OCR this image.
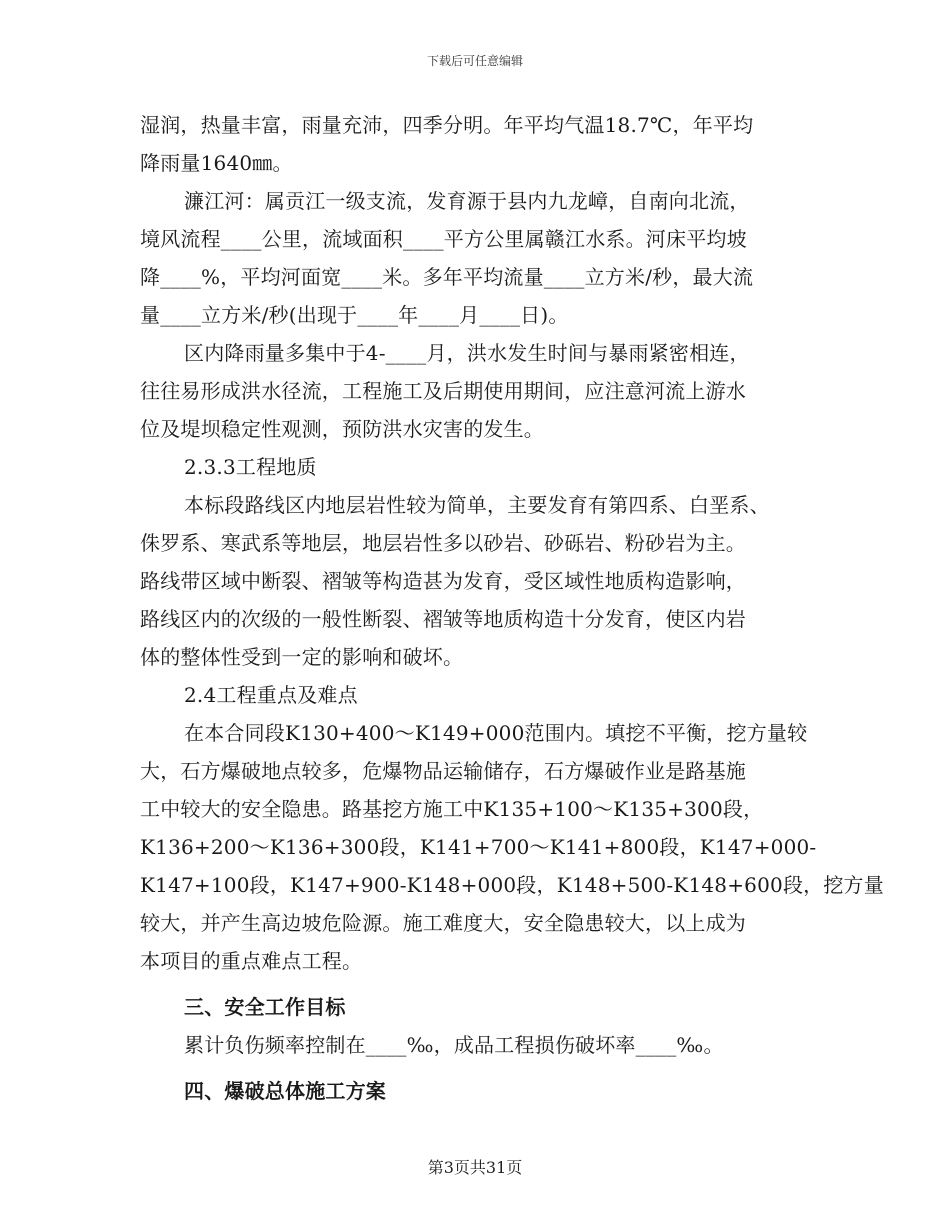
下载后可任意编辑
湿润，热量丰富，雨量充沛，四季分明。年平均气温18.7℃，年平均
降雨量1640㎜。
濂江河：属贡江一级支流，发育源于县内九龙嶂，自南向北流，
境风流程____公里，流域面积____平方公里属赣江水系。河床平均坡
降____%，平均河面宽____米。多年平均流量____立方米/秒，最大流
量____立方米/秒(出现于____年____月____日)。
区内降雨量多集中于4-____月，洪水发生时间与暴雨紧密相连，
往往易形成洪水径流，工程施工及后期使用期间，应注意河流上游水
位及堤坝稳定性观测，预防洪水灾害的发生。
2.3.3工程地质
本标段路线区内地层岩性较为简单，主要发育有第四系、白垩系、
侏罗系、寒武系等地层，地层岩性多以砂岩、砂砾岩、粉砂岩为主。
路线带区域中断裂、褶皱等构造甚为发育，受区域性地质构造影响，
路线区内的次级的一般性断裂、褶皱等地质构造十分发育，使区内岩
体的整体性受到一定的影响和破坏。
2.4工程重点及难点
在本合同段K130+400～K149+000范围内。填挖不平衡，挖方量较
大，石方爆破地点较多，危爆物品运输储存，石方爆破作业是路基施
工中较大的安全隐患。路基挖方施工中K135+100～K135+300段，
K136+200～K136+300段，K141+700～K141+800段，K147+000-
K147+100段，K147+900-K148+000段，K148+500-K148+600段，挖方量
较大，并产生高边坡危险源。施工难度大，安全隐患较大，以上成为
本项目的重点难点工程。
三、安全工作目标
累计负伤频率控制在____‰，成品工程损伤破坏率____‰。
四、爆破总体施工方案
第3页共31页
